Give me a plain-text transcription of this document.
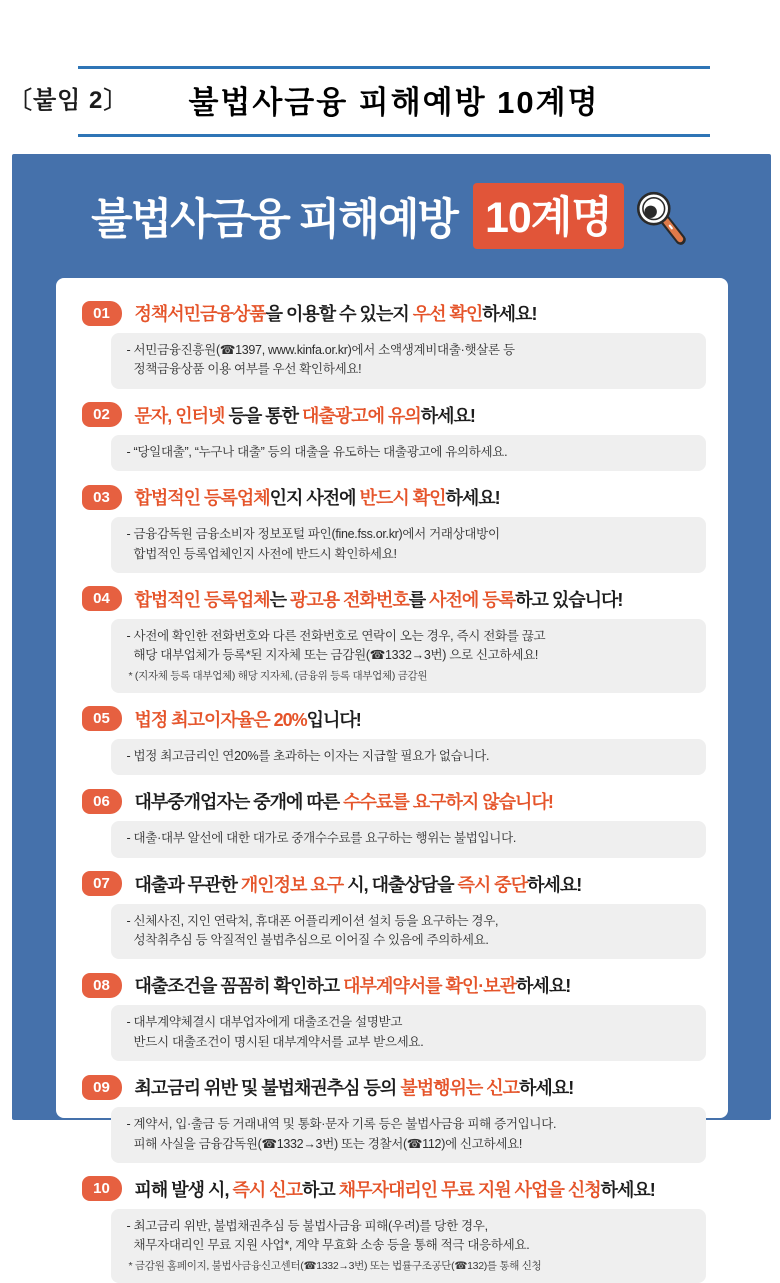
〔붙임 2〕	불법사금융 피해예방 10계명
불법사금융 피해예방 10계명
01	정책서민금융상품을 이용할 수 있는지 우선 확인하세요!
- 서민금융진흥원(☎1397, www.kinfa.or.kr)에서 소액생계비대출·햇살론 등
정책금융상품 이용 여부를 우선 확인하세요!
02	문자, 인터넷 등을 통한 대출광고에 유의하세요!
- “당일대출”, “누구나 대출” 등의 대출을 유도하는 대출광고에 유의하세요.
03	합법적인 등록업체인지 사전에 반드시 확인하세요!
- 금융감독원 금융소비자 정보포털 파인(fine.fss.or.kr)에서 거래상대방이
합법적인 등록업체인지 사전에 반드시 확인하세요!
04	합법적인 등록업체는 광고용 전화번호를 사전에 등록하고 있습니다!
- 사전에 확인한 전화번호와 다른 전화번호로 연락이 오는 경우, 즉시 전화를 끊고
해당 대부업체가 등록*된 지자체 또는 금감원(☎1332→3번) 으로 신고하세요!
* (지자체 등록 대부업체) 해당 지자체, (금융위 등록 대부업체) 금감원
05	법정 최고이자율은 20%입니다!
- 법정 최고금리인 연20%를 초과하는 이자는 지급할 필요가 없습니다.
06	대부중개업자는 중개에 따른 수수료를 요구하지 않습니다!
- 대출·대부 알선에 대한 대가로 중개수수료를 요구하는 행위는 불법입니다.
07	대출과 무관한 개인정보 요구 시, 대출상담을 즉시 중단하세요!
- 신체사진, 지인 연락처, 휴대폰 어플리케이션 설치 등을 요구하는 경우,
성착취추심 등 악질적인 불법추심으로 이어질 수 있음에 주의하세요.
08	대출조건을 꼼꼼히 확인하고 대부계약서를 확인·보관하세요!
- 대부계약체결시 대부업자에게 대출조건을 설명받고
반드시 대출조건이 명시된 대부계약서를 교부 받으세요.
09	최고금리 위반 및 불법채권추심 등의 불법행위는 신고하세요!
- 계약서, 입·출금 등 거래내역 및 통화·문자 기록 등은 불법사금융 피해 증거입니다.
피해 사실을 금융감독원(☎1332→3번) 또는 경찰서(☎112)에 신고하세요!
10	피해 발생 시, 즉시 신고하고 채무자대리인 무료 지원 사업을 신청하세요!
- 최고금리 위반, 불법채권추심 등 불법사금융 피해(우려)를 당한 경우,
채무자대리인 무료 지원 사업*, 계약 무효화 소송 등을 통해 적극 대응하세요.
* 금감원 홈페이지, 불법사금융신고센터(☎1332→3번) 또는 법률구조공단(☎132)를 통해 신청
